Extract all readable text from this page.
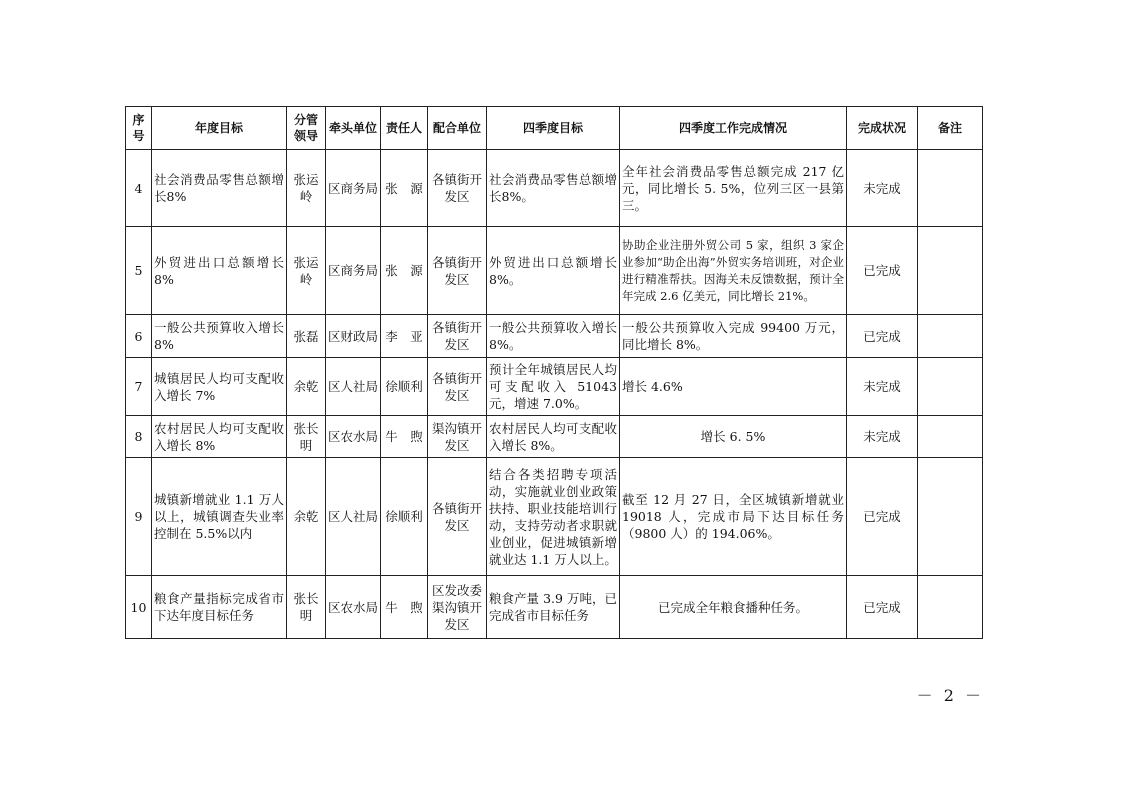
序号	年度目标	分管领导	牵头单位	责任人	配合单位	四季度目标	四季度工作完成情况	完成状况	备注
4	社会消费品零售总额增长8%	张运岭	区商务局	张　源	各镇街开发区	社会消费品零售总额增长8%。	全年社会消费品零售总额完成 217 亿元，同比增长 5. 5%，位列三区一县第三。	未完成	
5	外贸进出口总额增长8%	张运岭	区商务局	张　源	各镇街开发区	外贸进出口总额增长8%。	协助企业注册外贸公司 5 家，组织 3 家企业参加“助企出海”外贸实务培训班，对企业进行精准帮扶。因海关未反馈数据，预计全年完成 2.6 亿美元，同比增长 21%。	已完成	
6	一般公共预算收入增长 8%	张磊	区财政局	李　亚	各镇街开发区	一般公共预算收入增长 8%。	一般公共预算收入完成 99400 万元，同比增长 8%。	已完成	
7	城镇居民人均可支配收入增长 7%	余乾	区人社局	徐顺利	各镇街开发区	预计全年城镇居民人均可支配收入 51043 元，增速 7.0%。	增长 4.6%	未完成	
8	农村居民人均可支配收入增长 8%	张长明	区农水局	牛　煦	渠沟镇开发区	农村居民人均可支配收入增长 8%。	增长 6. 5%	未完成	
9	城镇新增就业 1.1 万人以上，城镇调查失业率控制在 5.5%以内	余乾	区人社局	徐顺利	各镇街开发区	结合各类招聘专项活动，实施就业创业政策扶持、职业技能培训行动，支持劳动者求职就业创业，促进城镇新增就业达 1.1 万人以上。	截至 12 月 27 日，全区城镇新增就业 19018 人，完成市局下达目标任务（9800 人）的 194.06%。	已完成	
10	粮食产量指标完成省市下达年度目标任务	张长明	区农水局	牛　煦	区发改委渠沟镇开发区	粮食产量 3.9 万吨，已完成省市目标任务	已完成全年粮食播种任务。	已完成	
－ 2 －
